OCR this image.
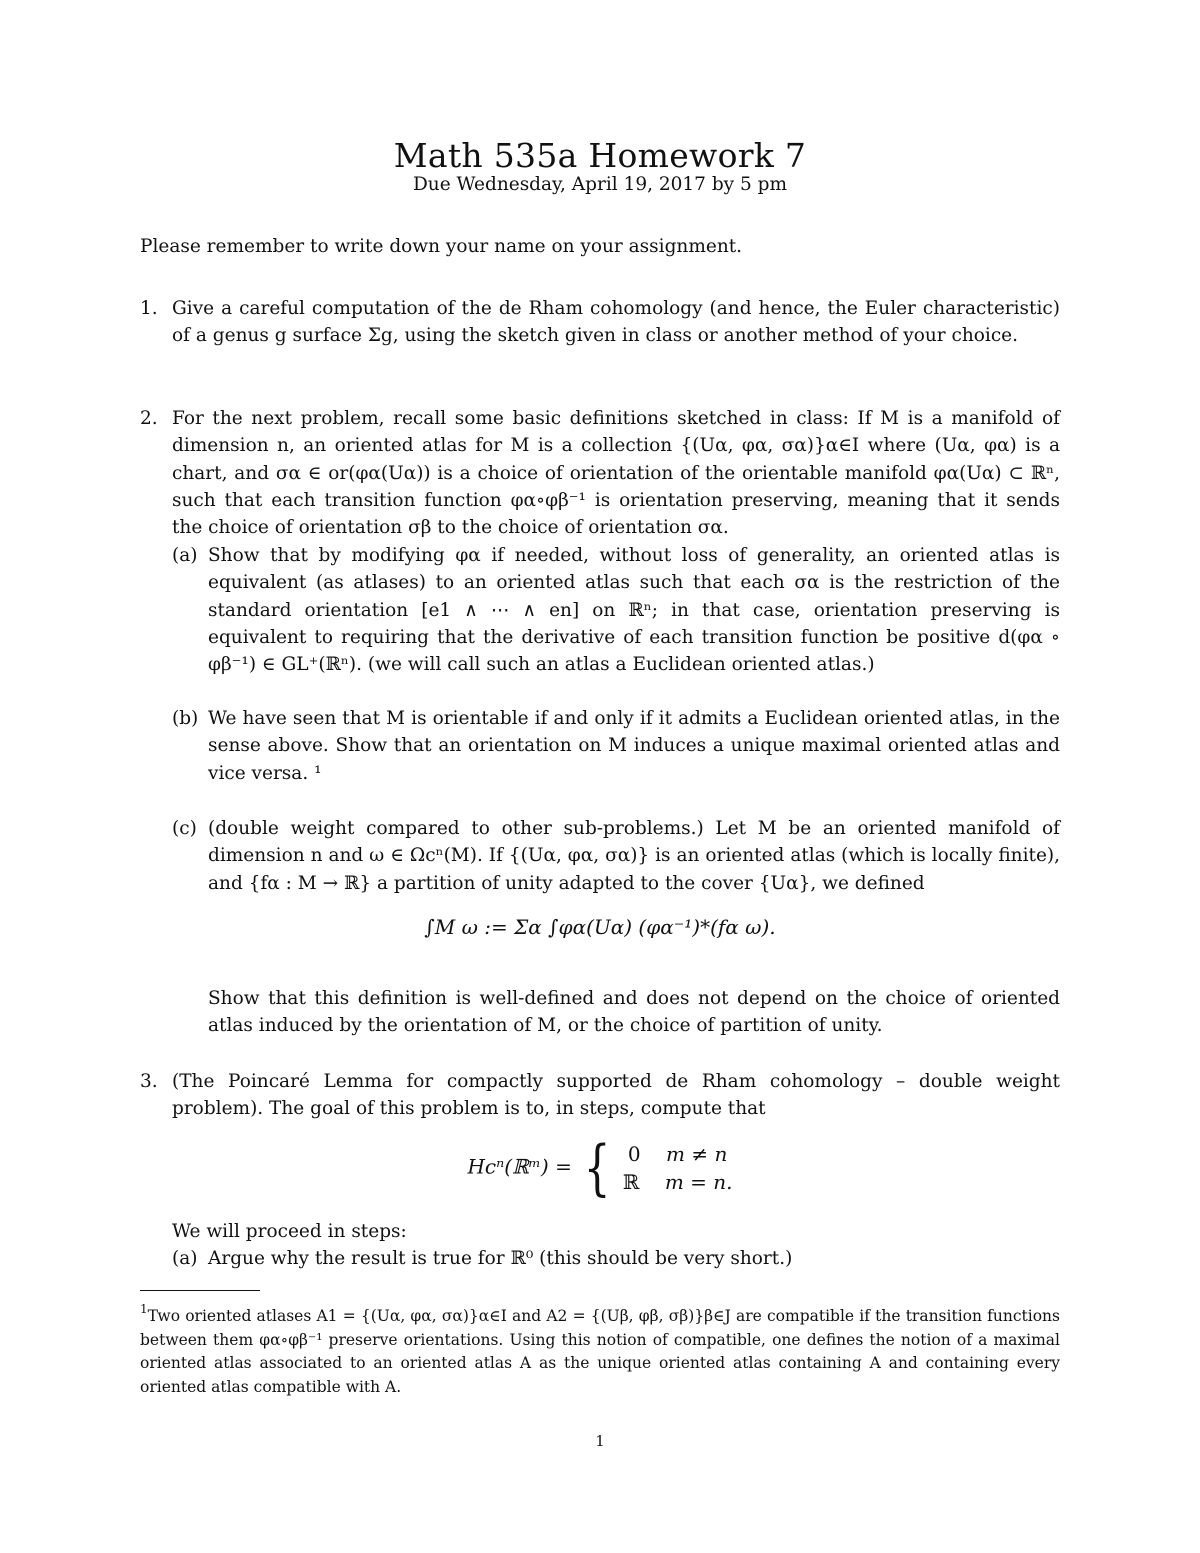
Math 535a Homework 7
Due Wednesday, April 19, 2017 by 5 pm
Please remember to write down your name on your assignment.
1. Give a careful computation of the de Rham cohomology (and hence, the Euler characteristic) of a genus g surface Σg, using the sketch given in class or another method of your choice.
2. For the next problem, recall some basic definitions sketched in class: If M is a manifold of dimension n, an oriented atlas for M is a collection {(Uα, φα, σα)}α∈I where (Uα, φα) is a chart, and σα ∈ or(φα(Uα)) is a choice of orientation of the orientable manifold φα(Uα) ⊂ ℝⁿ, such that each transition function φα∘φβ⁻¹ is orientation preserving, meaning that it sends the choice of orientation σβ to the choice of orientation σα.
(a) Show that by modifying φα if needed, without loss of generality, an oriented atlas is equivalent (as atlases) to an oriented atlas such that each σα is the restriction of the standard orientation [e1 ∧ ⋯ ∧ en] on ℝⁿ; in that case, orientation preserving is equivalent to requiring that the derivative of each transition function be positive d(φα ∘ φβ⁻¹) ∈ GL⁺(ℝⁿ). (we will call such an atlas a Euclidean oriented atlas.)
(b) We have seen that M is orientable if and only if it admits a Euclidean oriented atlas, in the sense above. Show that an orientation on M induces a unique maximal oriented atlas and vice versa. ¹
(c) (double weight compared to other sub-problems.) Let M be an oriented manifold of dimension n and ω ∈ Ωcⁿ(M). If {(Uα, φα, σα)} is an oriented atlas (which is locally finite), and {fα : M → ℝ} a partition of unity adapted to the cover {Uα}, we defined
∫M ω := Σα ∫φα(Uα) (φα⁻¹)*(fα ω).
Show that this definition is well-defined and does not depend on the choice of oriented atlas induced by the orientation of M, or the choice of partition of unity.
3. (The Poincaré Lemma for compactly supported de Rham cohomology – double weight problem). The goal of this problem is to, in steps, compute that
Hcⁿ(ℝᵐ) = { 0 m ≠ n
ℝ m = n.
We will proceed in steps:
(a) Argue why the result is true for ℝ⁰ (this should be very short.)
$^1$Two oriented atlases A1 = {(Uα, φα, σα)}α∈I and A2 = {(Uβ, φβ, σβ)}β∈J are compatible if the transition functions between them φα∘φβ⁻¹ preserve orientations. Using this notion of compatible, one defines the notion of a maximal oriented atlas associated to an oriented atlas A as the unique oriented atlas containing A and containing every oriented atlas compatible with A.
1
